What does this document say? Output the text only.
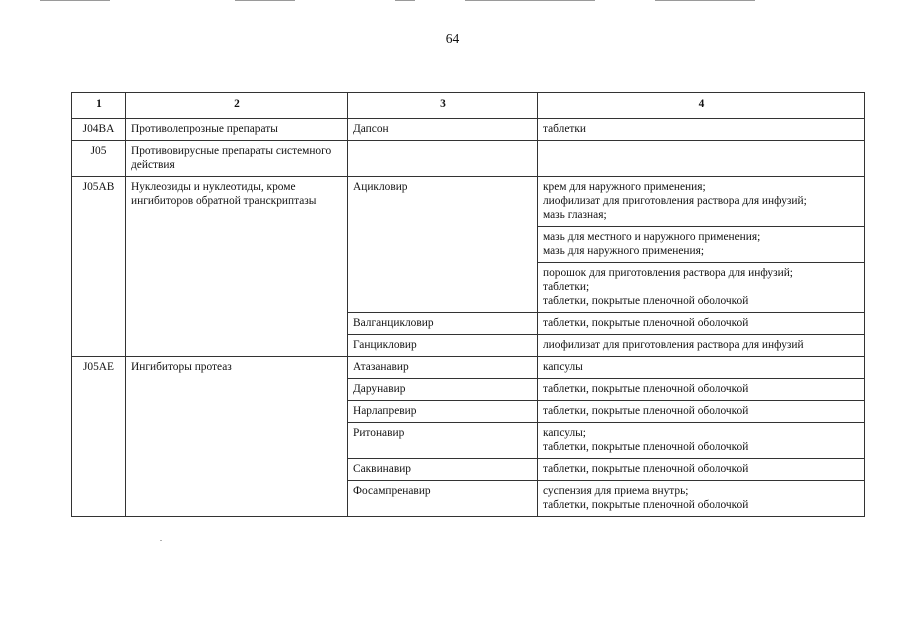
64
1	2	3	4
J04BA	Противолепрозные препараты	Дапсон	таблетки

J05	Противовирусные препараты системного действия		
J05AB	Нуклеозиды и нуклеотиды, кроме ингибиторов обратной транскриптазы	Ацикловир	крем для наружного применения;
лиофилизат для приготовления раствора для инфузий;
мазь глазная;

			мазь для местного и наружного применения;
мазь для наружного применения;

			порошок для приготовления раствора для инфузий;
таблетки;
таблетки, покрытые пленочной оболочкой

		Валганцикловир	таблетки, покрытые пленочной оболочкой

		Ганцикловир	лиофилизат для приготовления раствора для инфузий

J05AE	Ингибиторы протеаз	Атазанавир	капсулы

		Дарунавир	таблетки, покрытые пленочной оболочкой

		Нарлапревир	таблетки, покрытые пленочной оболочкой

		Ритонавир	капсулы;
таблетки, покрытые пленочной оболочкой

		Саквинавир	таблетки, покрытые пленочной оболочкой

		Фосампренавир	суспензия для приема внутрь;
таблетки, покрытые пленочной оболочкой
